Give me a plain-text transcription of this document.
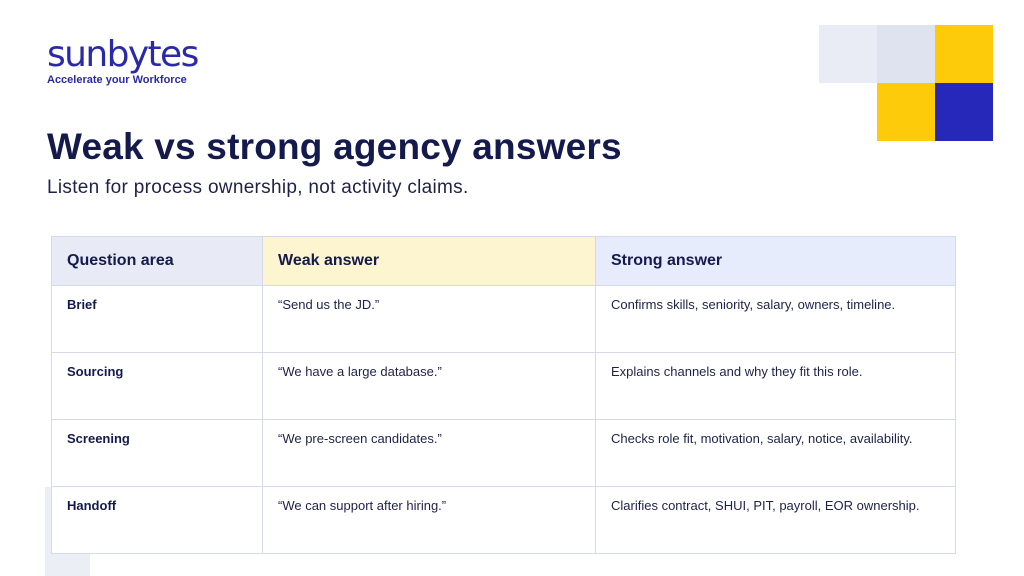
sunbytes
Accelerate your Workforce
Weak vs strong agency answers

Listen for process ownership, not activity claims.

Question area	Weak answer	Strong answer
Brief	“Send us the JD.”	Confirms skills, seniority, salary, owners, timeline.
Sourcing	“We have a large database.”	Explains channels and why they fit this role.
Screening	“We pre-screen candidates.”	Checks role fit, motivation, salary, notice, availability.
Handoff	“We can support after hiring.”	Clarifies contract, SHUI, PIT, payroll, EOR ownership.
